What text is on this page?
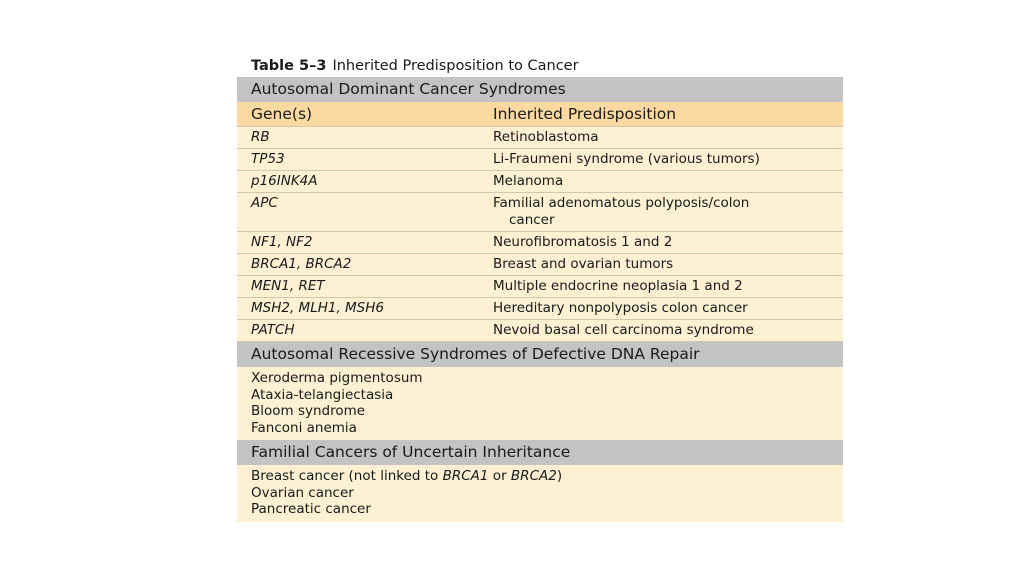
Table 5–3 Inherited Predisposition to Cancer
Autosomal Dominant Cancer Syndromes
Gene(s)	Inherited Predisposition
RB	Retinoblastoma
TP53	Li-Fraumeni syndrome (various tumors)
p16INK4A	Melanoma
APC	Familial adenomatous polyposis/colon
cancer
NF1, NF2	Neurofibromatosis 1 and 2
BRCA1, BRCA2	Breast and ovarian tumors
MEN1, RET	Multiple endocrine neoplasia 1 and 2
MSH2, MLH1, MSH6	Hereditary nonpolyposis colon cancer
PATCH	Nevoid basal cell carcinoma syndrome
Autosomal Recessive Syndromes of Defective DNA Repair
Xeroderma pigmentosum
Ataxia-telangiectasia
Bloom syndrome
Fanconi anemia
Familial Cancers of Uncertain Inheritance
Breast cancer (not linked to BRCA1 or BRCA2)
Ovarian cancer
Pancreatic cancer
